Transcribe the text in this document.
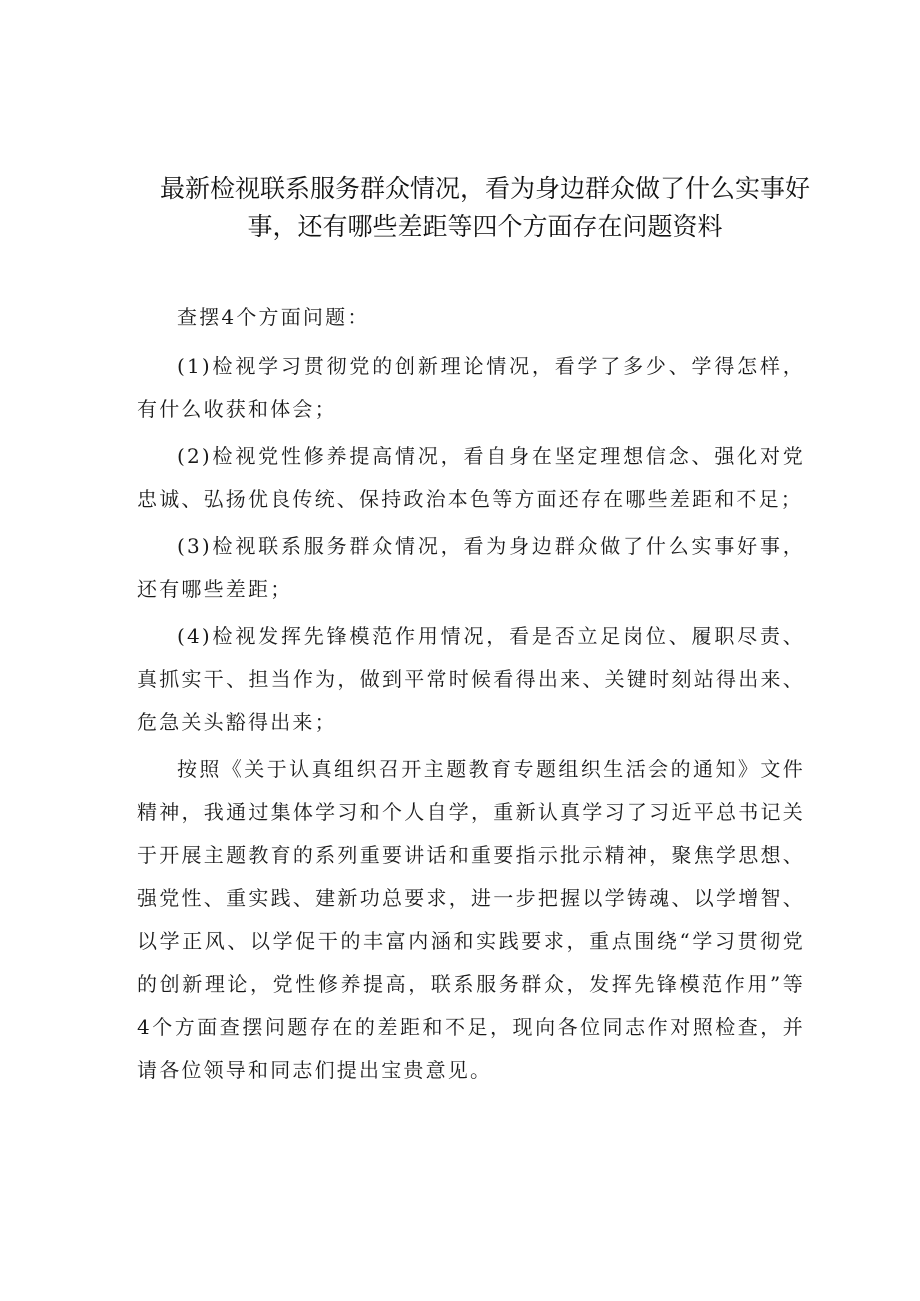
最新检视联系服务群众情况，看为身边群众做了什么实事好事，还有哪些差距等四个方面存在问题资料

查摆4个方面问题：

(1)检视学习贯彻党的创新理论情况，看学了多少、学得怎样，有什么收获和体会；

(2)检视党性修养提高情况，看自身在坚定理想信念、强化对党忠诚、弘扬优良传统、保持政治本色等方面还存在哪些差距和不足；

(3)检视联系服务群众情况，看为身边群众做了什么实事好事，还有哪些差距；

(4)检视发挥先锋模范作用情况，看是否立足岗位、履职尽责、真抓实干、担当作为，做到平常时候看得出来、关键时刻站得出来、危急关头豁得出来；

按照《关于认真组织召开主题教育专题组织生活会的通知》文件精神，我通过集体学习和个人自学，重新认真学习了习近平总书记关于开展主题教育的系列重要讲话和重要指示批示精神，聚焦学思想、强党性、重实践、建新功总要求，进一步把握以学铸魂、以学增智、以学正风、以学促干的丰富内涵和实践要求，重点围绕“学习贯彻党的创新理论，党性修养提高，联系服务群众，发挥先锋模范作用”等4个方面查摆问题存在的差距和不足，现向各位同志作对照检查，并请各位领导和同志们提出宝贵意见。
